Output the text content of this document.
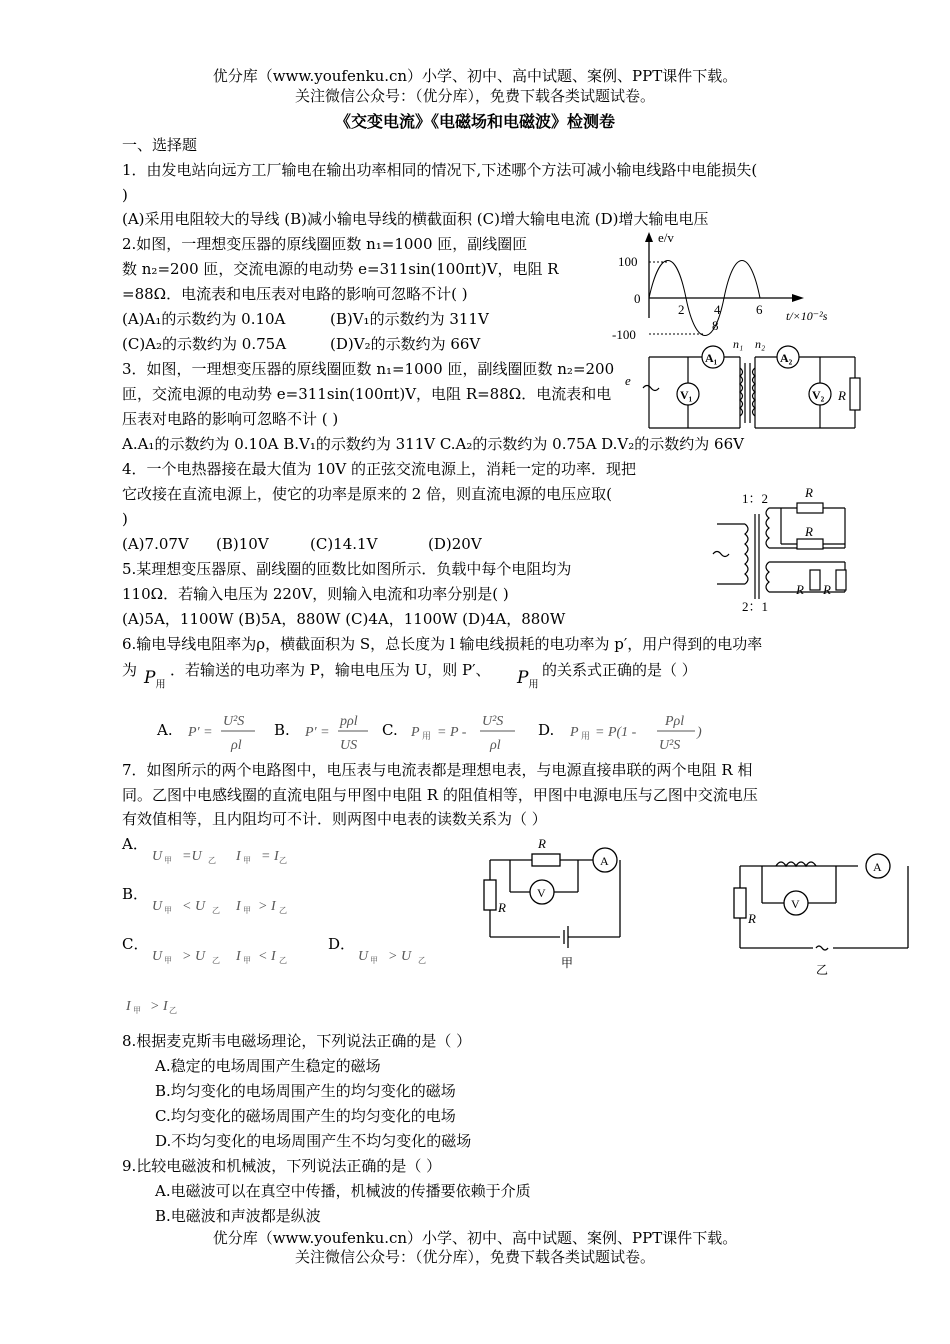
优分库（www.youfenku.cn）小学、初中、高中试题、案例、PPT课件下载。
关注微信公众号：（优分库），免费下载各类试题试卷。
《交变电流》《电磁场和电磁波》检测卷
一、选择题
1．由发电站向远方工厂输电在输出功率相同的情况下,下述哪个方法可减小输电线路中电能损失(
)
(A)采用电阻较大的导线 (B)减小输电导线的横截面积 (C)增大输电电流 (D)增大输电电压
2.如图，一理想变压器的原线圈匝数 n₁=1000 匝，副线圈匝
数 n₂=200 匝，交流电源的电动势 e=311sin(100πt)V，电阻 R
=88Ω．电流表和电压表对电路的影响可忽略不计( )
(A)A₁的示数约为 0.10A	(B)V₁的示数约为 311V
(C)A₂的示数约为 0.75A	(D)V₂的示数约为 66V
3．如图，一理想变压器的原线圈匝数 n₁=1000 匝，副线圈匝数 n₂=200
匝，交流电源的电动势 e=311sin(100πt)V，电阻 R=88Ω．电流表和电
压表对电路的影响可忽略不计 ( )
A.A₁的示数约为 0.10A B.V₁的示数约为 311V C.A₂的示数约为 0.75A D.V₂的示数约为 66V
e/v
100
0
-100
2 4	6
8
t/×10⁻²s
A₁	A₂
V₁	V₂
n₁ n₂
R
e
4．一个电热器接在最大值为 10V 的正弦交流电源上，消耗一定的功率．现把
它改接在直流电源上，使它的功率是原来的 2 倍，则直流电源的电压应取(
)
(A)7.07V (B)10V	(C)14.1V	(D)20V
1：2
2：1
R
R
R R
5.某理想变压器原、副线圈的匝数比如图所示．负载中每个电阻均为
110Ω．若输入电压为 220V，则输入电流和功率分别是( )
(A)5A，1100W (B)5A，880W (C)4A，1100W (D)4A，880W
6.输电导线电阻率为ρ，横截面积为 S，总长度为 l 输电线损耗的电功率为 p′，用户得到的电功率
为 $P_用$
．若输送的电功率为 P，输电电压为 U，则 P′、 $P_用$
的关系式正确的是（ ）
A.	B.	C.	D.
P′ =
U²S
ρl
P′ =
pρl
US
P 用 = P -
U²S
ρl
P 用 = P(1 -
Pρl
U²S
)
7．如图所示的两个电路图中，电压表与电流表都是理想电表，与电源直接串联的两个电阻 R 相
同。乙图中电感线圈的直流电阻与甲图中电阻 R 的阻值相等，甲图中电源电压与乙图中交流电压
有效值相等，且内阻均可不计．则两图中电表的读数关系为（ ）
A．
B．
C．	D．
U 甲 =U 乙 I 甲 = I 乙
U 甲 < U 乙 I 甲 > I 乙
U 甲 > U 乙 I 甲 < I 乙	U 甲 > U 乙
I 甲 > I 乙
R
R
V
A
甲
R
V
A
乙
8.根据麦克斯韦电磁场理论，下列说法正确的是（ ）
A.稳定的电场周围产生稳定的磁场
B.均匀变化的电场周围产生的均匀变化的磁场
C.均匀变化的磁场周围产生的均匀变化的电场
D.不均匀变化的电场周围产生不均匀变化的磁场
9.比较电磁波和机械波，下列说法正确的是（ ）
A.电磁波可以在真空中传播，机械波的传播要依赖于介质
B.电磁波和声波都是纵波
优分库（www.youfenku.cn）小学、初中、高中试题、案例、PPT课件下载。
关注微信公众号：（优分库），免费下载各类试题试卷。
